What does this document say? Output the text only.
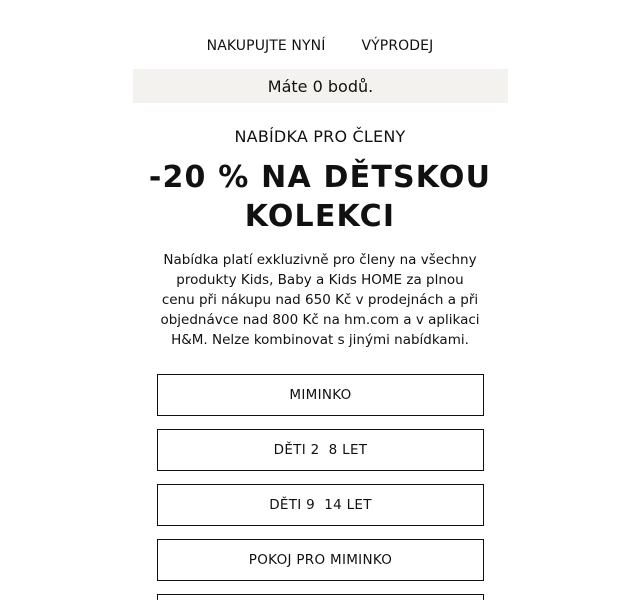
NAKUPUJTE NYNÍ	VÝPRODEJ
Máte 0 bodů.
NABÍDKA PRO ČLENY
-20 % NA DĚTSKOU KOLEKCI

Nabídka platí exkluzivně pro členy na všechny produkty Kids, Baby a Kids HOME za plnou cenu při nákupu nad 650 Kč v prodejnách a při objednávce nad 800 Kč na hm.com a v aplikaci H&M. Nelze kombinovat s jinými nabídkami.

MIMINKO
DĚTI 2  8 LET
DĚTI 9  14 LET
POKOJ PRO MIMINKO
